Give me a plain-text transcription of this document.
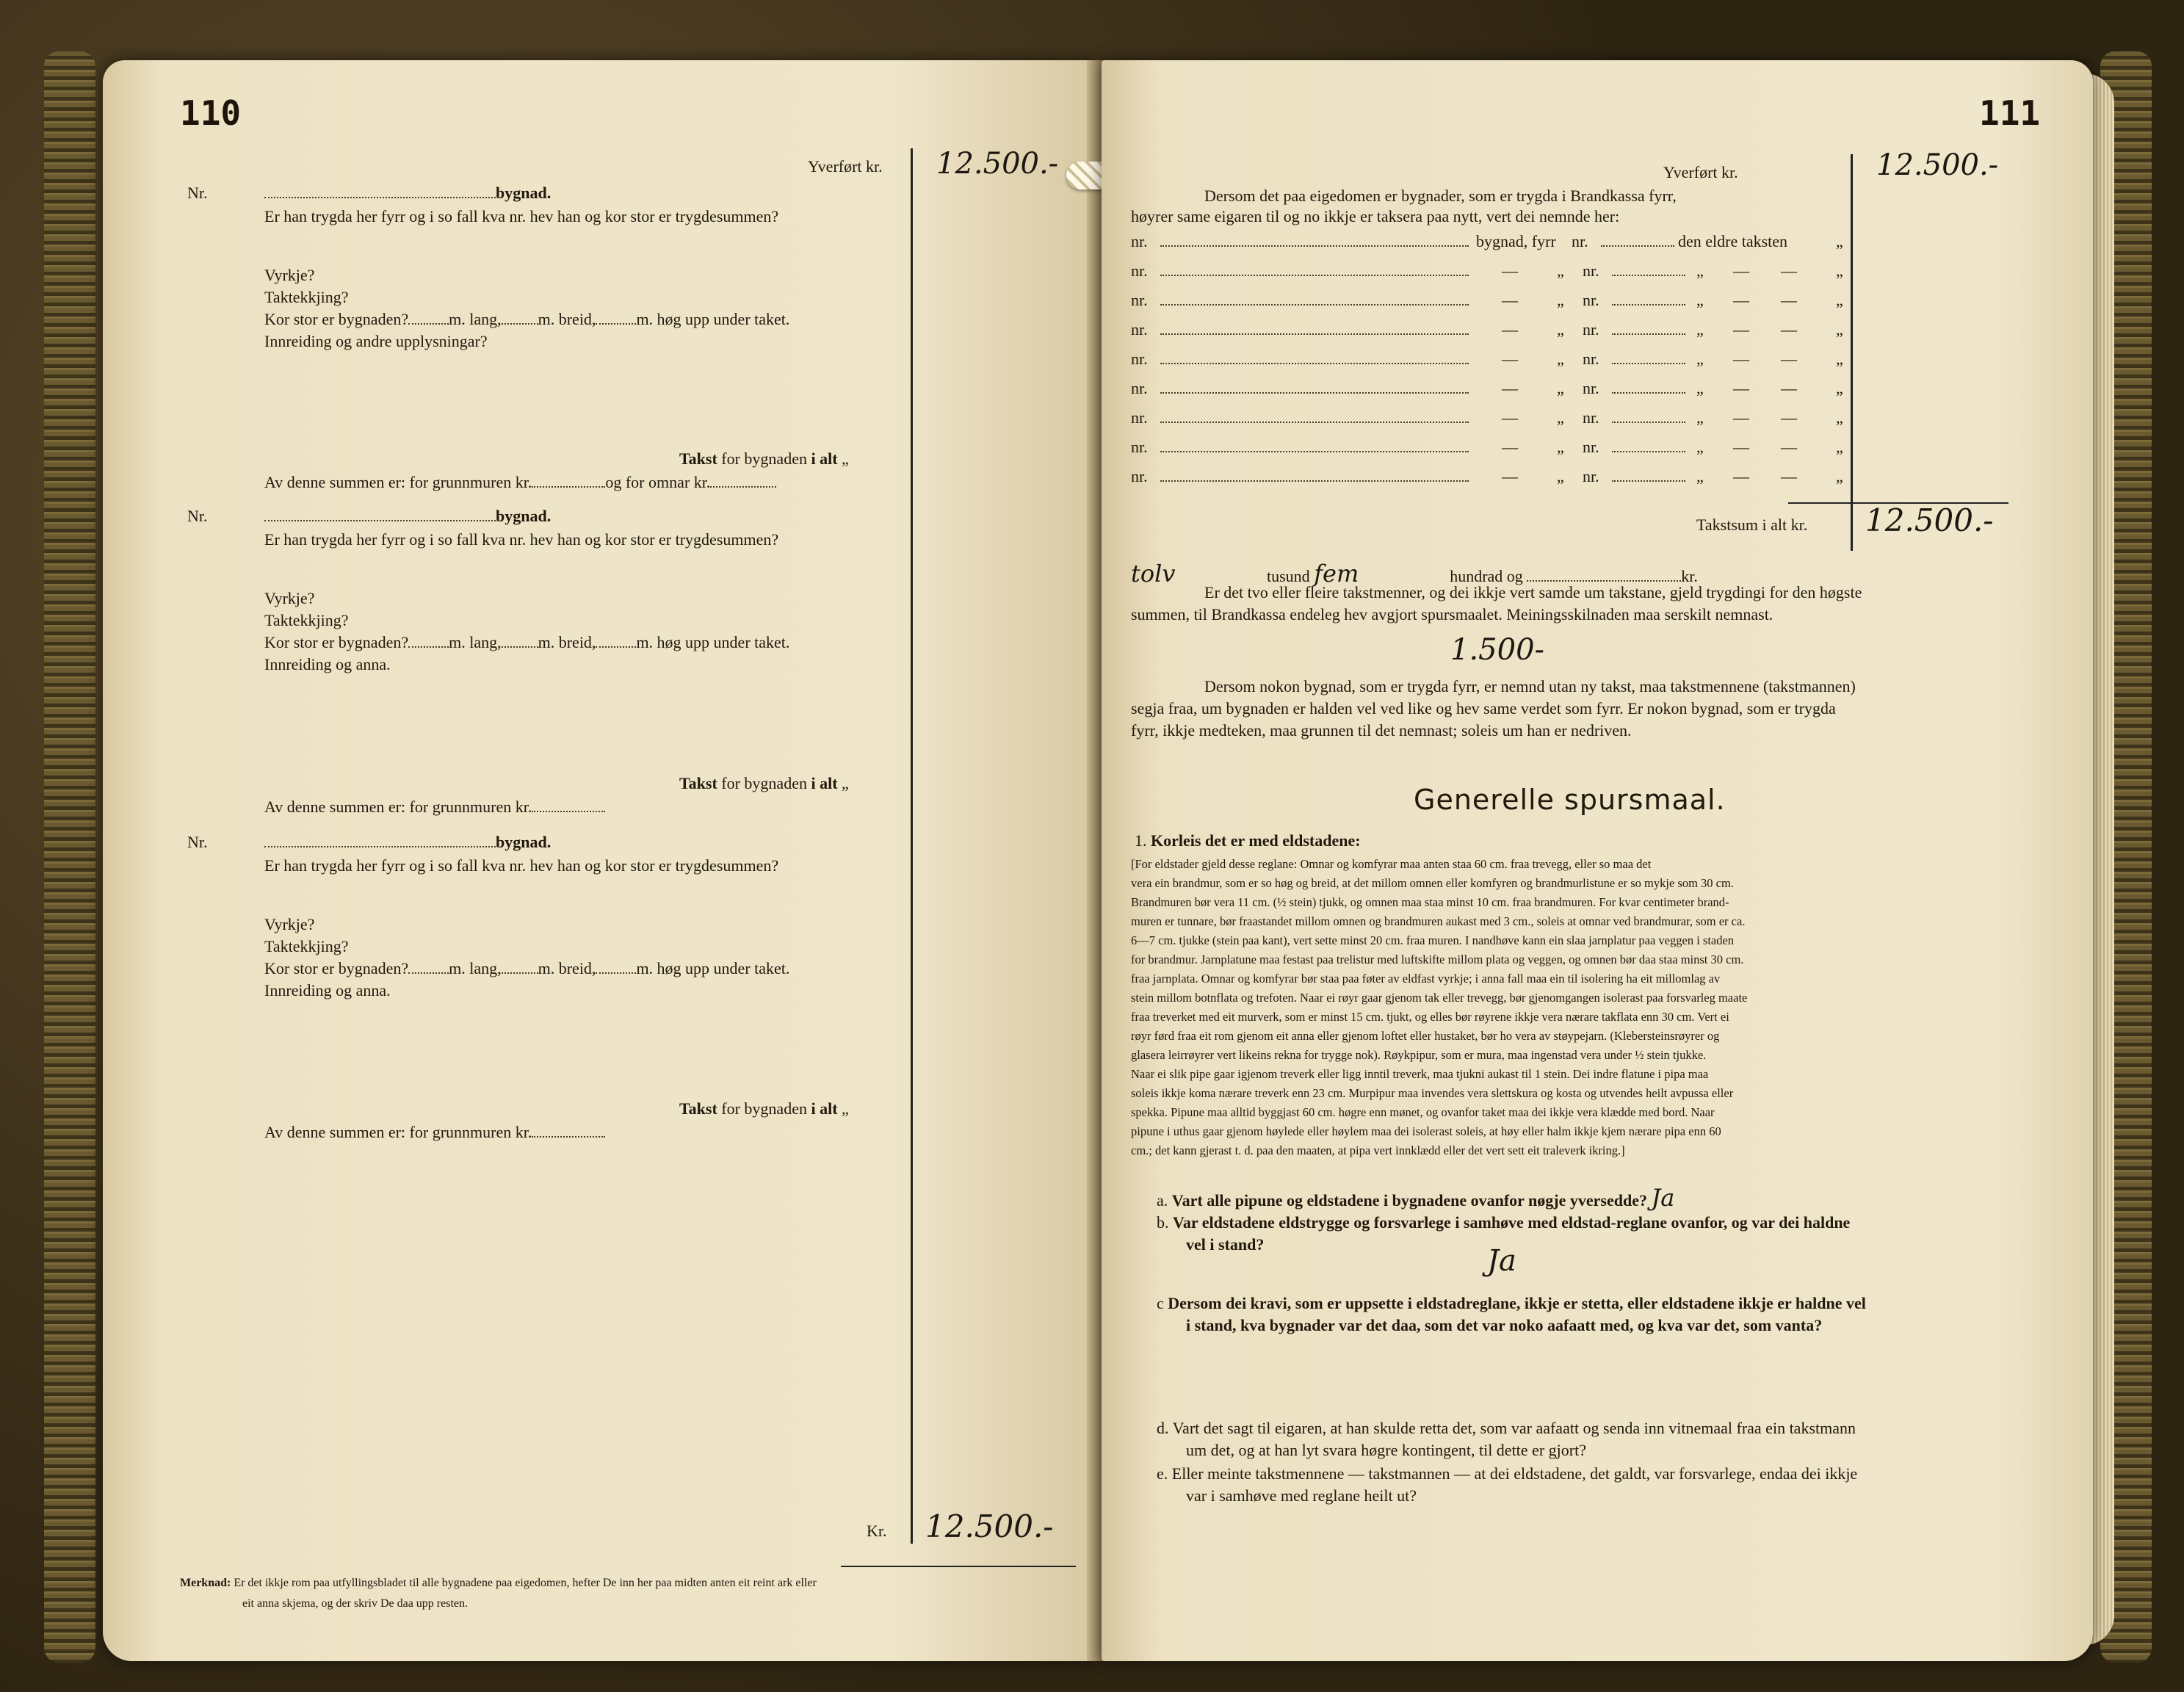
110
Yverført kr. 12.500.-
Nr.	bygnad.
Er han trygda her fyrr og i so fall kva nr. hev han og kor stor er trygdesummen?
Vyrkje?
Taktekkjing?
Kor stor er bygnaden?	m. lang, m. breid,	m. høg upp under taket.
Innreiding og andre upplysningar?
Takst for bygnaden i alt „
Av denne summen er: for grunnmuren kr.	og for omnar kr.
Nr.	bygnad.
Er han trygda her fyrr og i so fall kva nr. hev han og kor stor er trygdesummen?
Vyrkje?
Taktekkjing?
Kor stor er bygnaden?	m. lang, m. breid,	m. høg upp under taket.
Innreiding og anna.
Takst for bygnaden i alt „
Av denne summen er: for grunnmuren kr.
Nr.	bygnad.
Er han trygda her fyrr og i so fall kva nr. hev han og kor stor er trygdesummen?
Vyrkje?
Taktekkjing?
Kor stor er bygnaden?	m. lang, m. breid,	m. høg upp under taket.
Innreiding og anna.
Takst for bygnaden i alt „
Av denne summen er: for grunnmuren kr.
Kr. 12.500.-
Merknad: Er det ikkje rom paa utfyllingsbladet til alle bygnadene paa eigedomen, hefter De inn her paa midten anten eit reint ark eller
eit anna skjema, og der skriv De daa upp resten.
111
Yverført kr.	12.500.-
Dersom det paa eigedomen er bygnader, som er trygda i Brandkassa fyrr,
høyrer same eigaren til og no ikkje er taksera paa nytt, vert dei nemnde her:
nr.	bygnad, fyrr nr.	den eldre taksten	„
nr.	— „ nr.	„ — — „
nr.	— „ nr.	„ — — „
nr.	— „ nr.	„ — — „
nr.	— „ nr.	„ — — „
nr.	— „ nr.	„ — — „
nr.	— „ nr.	„ — — „
nr.	— „ nr.	„ — — „
nr.	— „ nr.	„ — — „
Takstsum i alt kr. 12.500.-
tolv	tusund fem	hundrad og	kr.
Er det tvo eller fleire takstmenner, og dei ikkje vert samde um takstane, gjeld trygdingi for den høgste
summen, til Brandkassa endeleg hev avgjort spursmaalet. Meiningsskilnaden maa serskilt nemnast.
1.500-
Dersom nokon bygnad, som er trygda fyrr, er nemnd utan ny takst, maa takstmennene (takstmannen)
segja fraa, um bygnaden er halden vel ved like og hev same verdet som fyrr. Er nokon bygnad, som er trygda
fyrr, ikkje medteken, maa grunnen til det nemnast; soleis um han er nedriven.
Generelle spursmaal.
1. Korleis det er med eldstadene:
[For eldstader gjeld desse reglane: Omnar og komfyrar maa anten staa 60 cm. fraa trevegg, eller so maa det
vera ein brandmur, som er so høg og breid, at det millom omnen eller komfyren og brandmurlistune er so mykje som 30 cm.
Brandmuren bør vera 11 cm. (½ stein) tjukk, og omnen maa staa minst 10 cm. fraa brandmuren. For kvar centimeter brand-
muren er tunnare, bør fraastandet millom omnen og brandmuren aukast med 3 cm., soleis at omnar ved brandmurar, som er ca.
6—7 cm. tjukke (stein paa kant), vert sette minst 20 cm. fraa muren. I nandhøve kann ein slaa jarnplatur paa veggen i staden
for brandmur. Jarnplatune maa festast paa trelistur med luftskifte millom plata og veggen, og omnen bør daa staa minst 30 cm.
fraa jarnplata. Omnar og komfyrar bør staa paa føter av eldfast vyrkje; i anna fall maa ein til isolering ha eit millomlag av
stein millom botnflata og trefoten. Naar ei røyr gaar gjenom tak eller trevegg, bør gjenomgangen isolerast paa forsvarleg maate
fraa treverket med eit murverk, som er minst 15 cm. tjukt, og elles bør røyrene ikkje vera nærare takflata enn 30 cm. Vert ei
røyr førd fraa eit rom gjenom eit anna eller gjenom loftet eller hustaket, bør ho vera av støypejarn. (Klebersteinsrøyrer og
glasera leirrøyrer vert likeins rekna for trygge nok). Røykpipur, som er mura, maa ingenstad vera under ½ stein tjukke.
Naar ei slik pipe gaar igjenom treverk eller ligg inntil treverk, maa tjukni aukast til 1 stein. Dei indre flatune i pipa maa
soleis ikkje koma nærare treverk enn 23 cm. Murpipur maa invendes vera slettskura og kosta og utvendes heilt avpussa eller
spekka. Pipune maa alltid byggjast 60 cm. høgre enn mønet, og ovanfor taket maa dei ikkje vera klædde med bord. Naar
pipune i uthus gaar gjenom høylede eller høylem maa dei isolerast soleis, at høy eller halm ikkje kjem nærare pipa enn 60
cm.; det kann gjerast t. d. paa den maaten, at pipa vert innklædd eller det vert sett eit traleverk ikring.]
a. Vart alle pipune og eldstadene i bygnadene ovanfor nøgje yversedde? Ja
b. Var eldstadene eldstrygge og forsvarlege i samhøve med eldstad-reglane ovanfor, og var dei haldne
vel i stand?	Ja
c Dersom dei kravi, som er uppsette i eldstadreglane, ikkje er stetta, eller eldstadene ikkje er haldne vel
i stand, kva bygnader var det daa, som det var noko aafaatt med, og kva var det, som vanta?
d. Vart det sagt til eigaren, at han skulde retta det, som var aafaatt og senda inn vitnemaal fraa ein takstmann
um det, og at han lyt svara høgre kontingent, til dette er gjort?
e. Eller meinte takstmennene — takstmannen — at dei eldstadene, det galdt, var forsvarlege, endaa dei ikkje
var i samhøve med reglane heilt ut?
